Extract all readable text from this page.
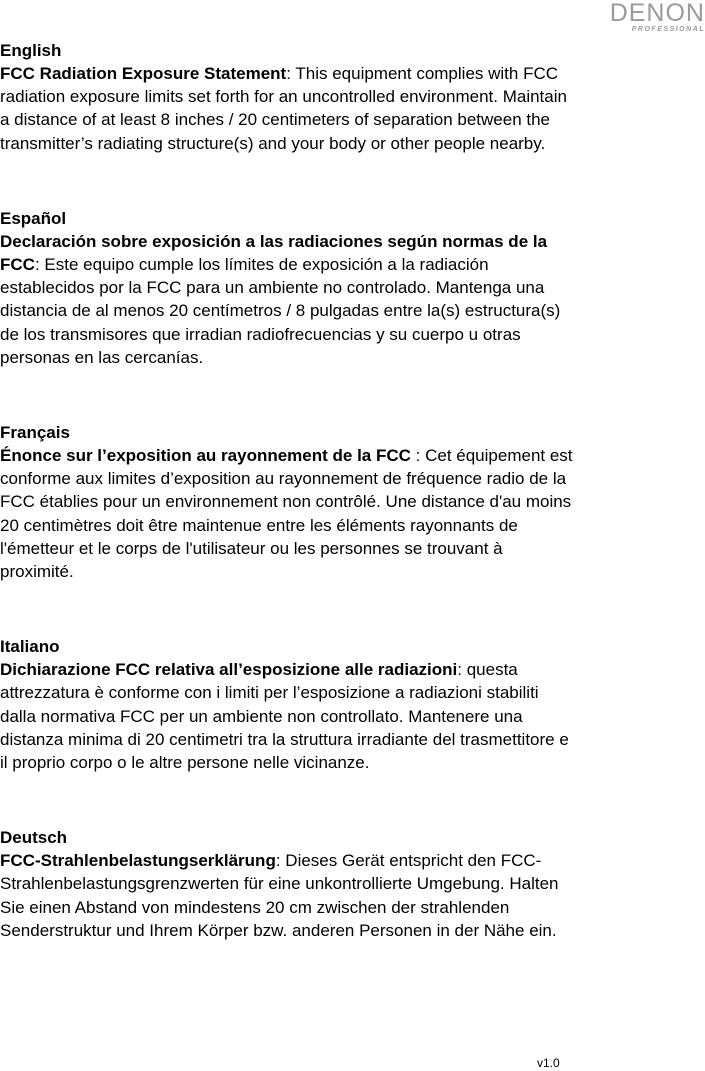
DENON
PROFESSIONAL
English
FCC Radiation Exposure Statement: This equipment complies with FCC radiation exposure limits set forth for an uncontrolled environment. Maintain a distance of at least 8 inches / 20 centimeters of separation between the transmitter’s radiating structure(s) and your body or other people nearby.
Español
Declaración sobre exposición a las radiaciones según normas de la FCC: Este equipo cumple los límites de exposición a la radiación establecidos por la FCC para un ambiente no controlado. Mantenga una distancia de al menos 20 centímetros / 8 pulgadas entre la(s) estructura(s) de los transmisores que irradian radiofrecuencias y su cuerpo u otras personas en las cercanías.
Français
Énonce sur l’exposition au rayonnement de la FCC : Cet équipement est conforme aux limites d’exposition au rayonnement de fréquence radio de la FCC établies pour un environnement non contrôlé. Une distance d'au moins 20 centimètres doit être maintenue entre les éléments rayonnants de l'émetteur et le corps de l'utilisateur ou les personnes se trouvant à proximité.
Italiano
Dichiarazione FCC relativa all’esposizione alle radiazioni: questa attrezzatura è conforme con i limiti per l’esposizione a radiazioni stabiliti dalla normativa FCC per un ambiente non controllato. Mantenere una distanza minima di 20 centimetri tra la struttura irradiante del trasmettitore e il proprio corpo o le altre persone nelle vicinanze.
Deutsch
FCC-Strahlenbelastungserklärung: Dieses Gerät entspricht den FCC-Strahlenbelastungsgrenzwerten für eine unkontrollierte Umgebung. Halten Sie einen Abstand von mindestens 20 cm zwischen der strahlenden Senderstruktur und Ihrem Körper bzw. anderen Personen in der Nähe ein.
v1.0
